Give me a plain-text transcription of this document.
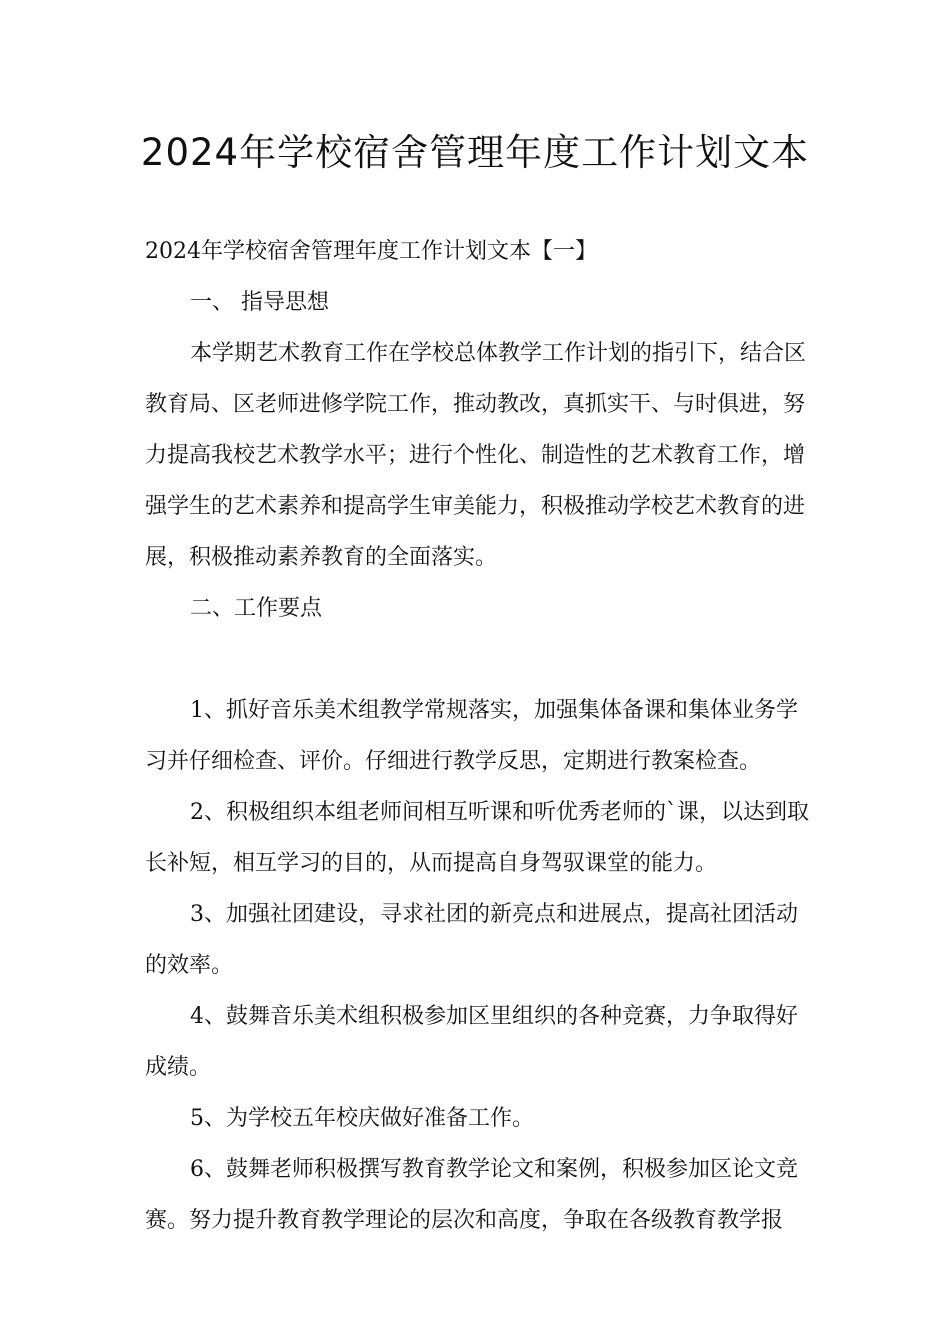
2024年学校宿舍管理年度工作计划文本

2024年学校宿舍管理年度工作计划文本【一】

一、 指导思想

本学期艺术教育工作在学校总体教学工作计划的指引下，结合区教育局、区老师进修学院工作，推动教改，真抓实干、与时俱进，努力提高我校艺术教学水平；进行个性化、制造性的艺术教育工作，增强学生的艺术素养和提高学生审美能力，积极推动学校艺术教育的进展，积极推动素养教育的全面落实。

二、工作要点

1、抓好音乐美术组教学常规落实，加强集体备课和集体业务学习并仔细检查、评价。仔细进行教学反思，定期进行教案检查。

2、积极组织本组老师间相互听课和听优秀老师的`课，以达到取长补短，相互学习的目的，从而提高自身驾驭课堂的能力。

3、加强社团建设，寻求社团的新亮点和进展点，提高社团活动的效率。

4、鼓舞音乐美术组积极参加区里组织的各种竞赛，力争取得好成绩。

5、为学校五年校庆做好准备工作。

6、鼓舞老师积极撰写教育教学论文和案例，积极参加区论文竞赛。努力提升教育教学理论的层次和高度，争取在各级教育教学报
